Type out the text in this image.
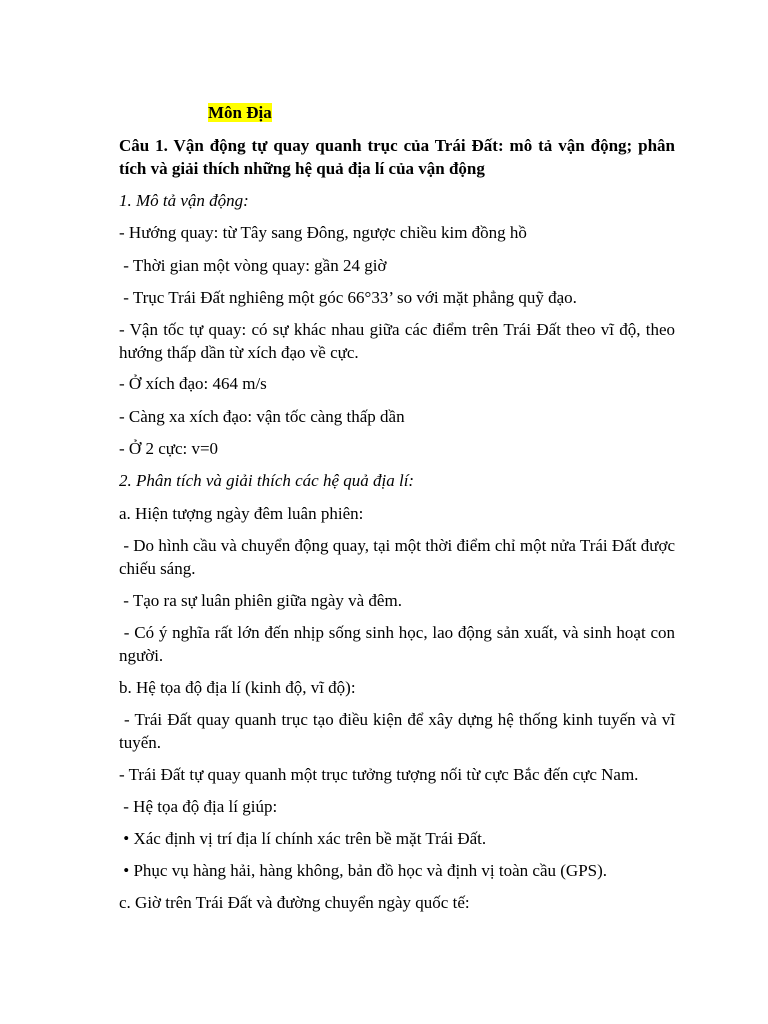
Môn Địa

Câu 1. Vận động tự quay quanh trục của Trái Đất: mô tả vận động; phân tích và giải thích những hệ quả địa lí của vận động

1. Mô tả vận động:

- Hướng quay: từ Tây sang Đông, ngược chiều kim đồng hồ

- Thời gian một vòng quay: gần 24 giờ

- Trục Trái Đất nghiêng một góc 66°33’ so với mặt phẳng quỹ đạo.

- Vận tốc tự quay: có sự khác nhau giữa các điểm trên Trái Đất theo vĩ độ, theo hướng thấp dần từ xích đạo về cực.

- Ở xích đạo: 464 m/s

- Càng xa xích đạo: vận tốc càng thấp dần

- Ở 2 cực: v=0

2. Phân tích và giải thích các hệ quả địa lí:

a. Hiện tượng ngày đêm luân phiên:

- Do hình cầu và chuyển động quay, tại một thời điểm chỉ một nửa Trái Đất được chiếu sáng.

- Tạo ra sự luân phiên giữa ngày và đêm.

- Có ý nghĩa rất lớn đến nhịp sống sinh học, lao động sản xuất, và sinh hoạt con người.

b. Hệ tọa độ địa lí (kinh độ, vĩ độ):

- Trái Đất quay quanh trục tạo điều kiện để xây dựng hệ thống kinh tuyến và vĩ tuyến.

- Trái Đất tự quay quanh một trục tưởng tượng nối từ cực Bắc đến cực Nam.

- Hệ tọa độ địa lí giúp:

• Xác định vị trí địa lí chính xác trên bề mặt Trái Đất.

• Phục vụ hàng hải, hàng không, bản đồ học và định vị toàn cầu (GPS).

c. Giờ trên Trái Đất và đường chuyển ngày quốc tế:
